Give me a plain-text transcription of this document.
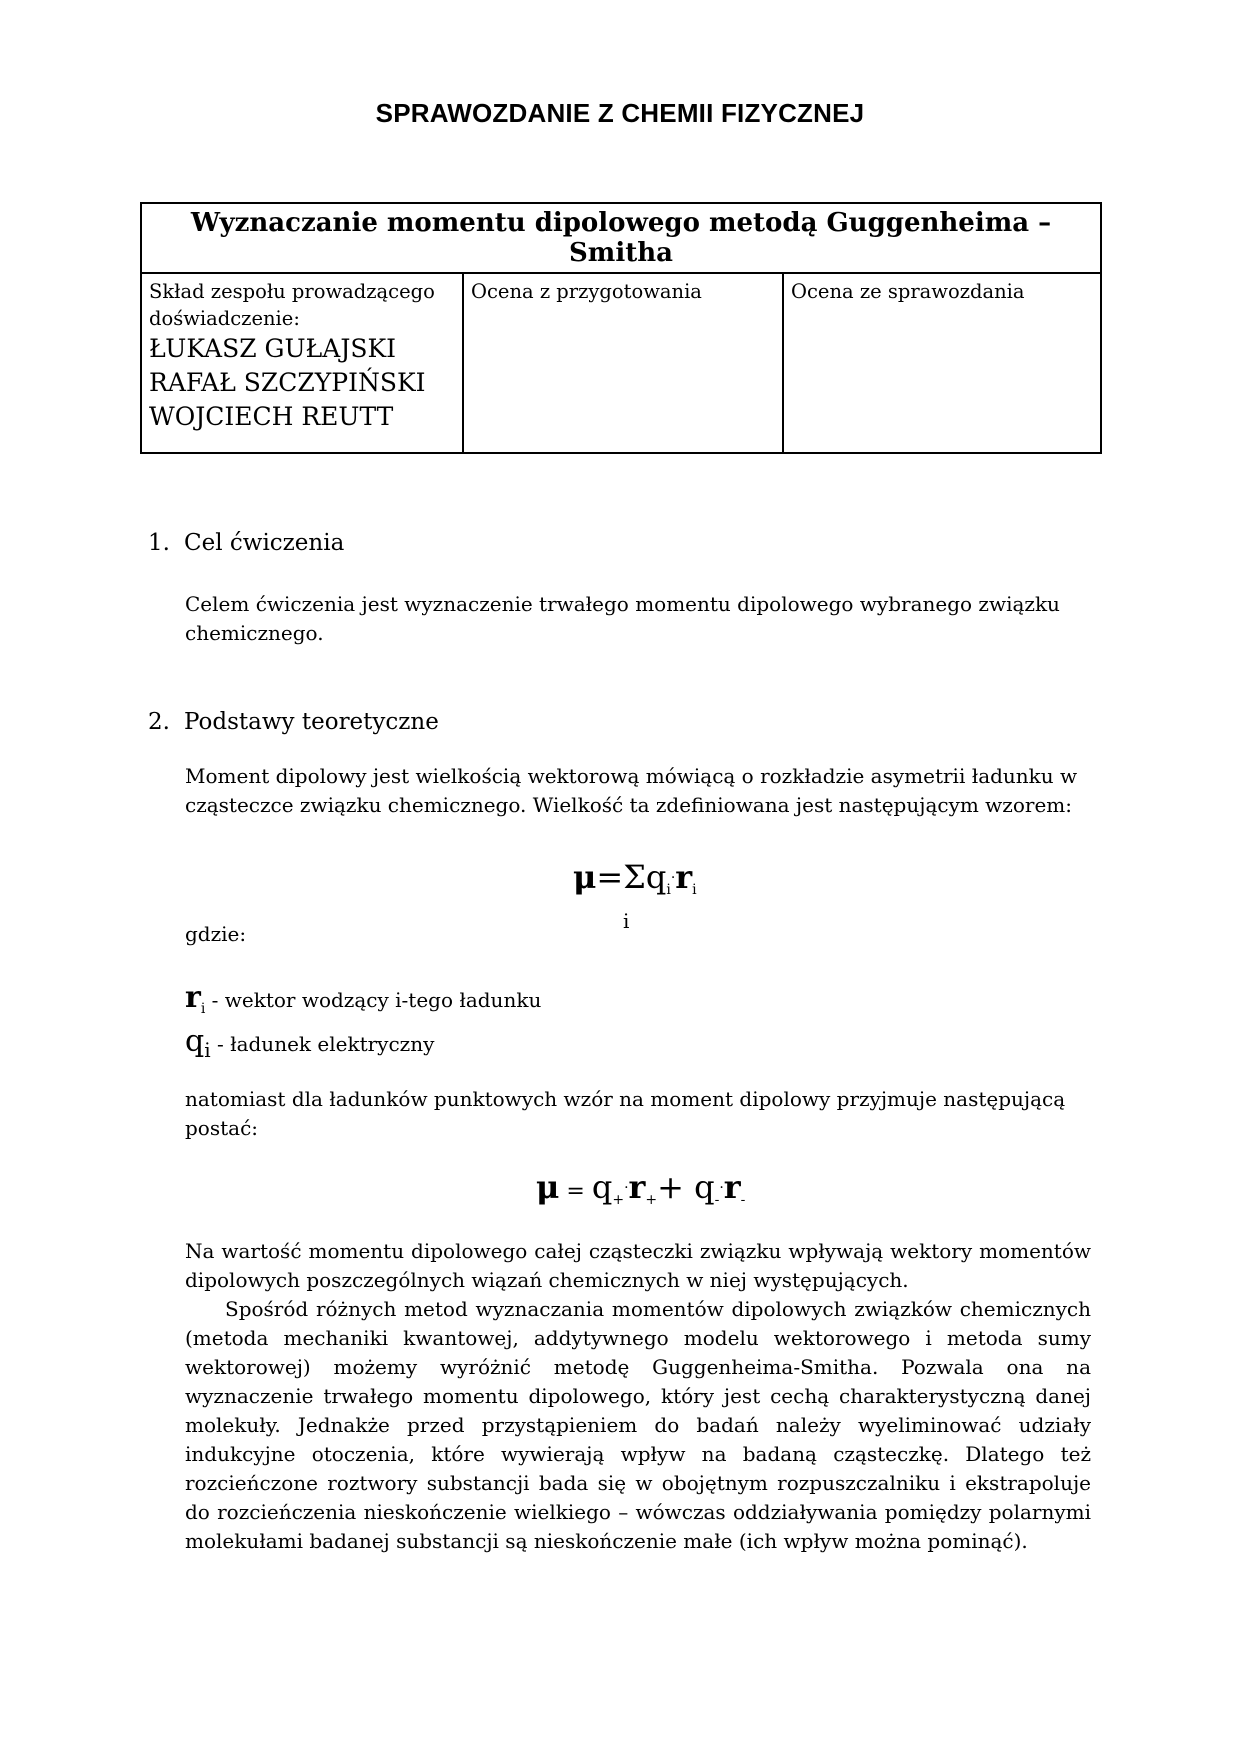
SPRAWOZDANIE Z CHEMII FIZYCZNEJ
Wyznaczanie momentu dipolowego metodą Guggenheima – Smitha

Skład zespołu prowadzącego
doświadczenie:
ŁUKASZ GUŁAJSKI
RAFAŁ SZCZYPIŃSKI
WOJCIECH REUTT
	Ocena z przygotowania	Ocena ze sprawozdania
1. Cel ćwiczenia
Celem ćwiczenia jest wyznaczenie trwałego momentu dipolowego wybranego związku chemicznego.
2. Podstawy teoretyczne
Moment dipolowy jest wielkością wektorową mówiącą o rozkładzie asymetrii ładunku w cząsteczce związku chemicznego. Wielkość ta zdefiniowana jest następującym wzorem:
μ=Σqi·ri
i
gdzie:
$r_i$ - wektor wodzący i-tego ładunku
qi - ładunek elektryczny
natomiast dla ładunków punktowych wzór na moment dipolowy przyjmuje następującą postać:
μ = q+·r++ q-·r-
Na wartość momentu dipolowego całej cząsteczki związku wpływają wektory momentów dipolowych poszczególnych wiązań chemicznych w niej występujących.
Spośród różnych metod wyznaczania momentów dipolowych związków chemicznych (metoda mechaniki kwantowej, addytywnego modelu wektorowego i metoda sumy wektorowej) możemy wyróżnić metodę Guggenheima-Smitha. Pozwala ona na wyznaczenie trwałego momentu dipolowego, który jest cechą charakterystyczną danej molekuły. Jednakże przed przystąpieniem do badań należy wyeliminować udziały indukcyjne otoczenia, które wywierają wpływ na badaną cząsteczkę. Dlatego też rozcieńczone roztwory substancji bada się w obojętnym rozpuszczalniku i ekstrapoluje do rozcieńczenia nieskończenie wielkiego – wówczas oddziaływania pomiędzy polarnymi molekułami badanej substancji są nieskończenie małe (ich wpływ można pominąć).
